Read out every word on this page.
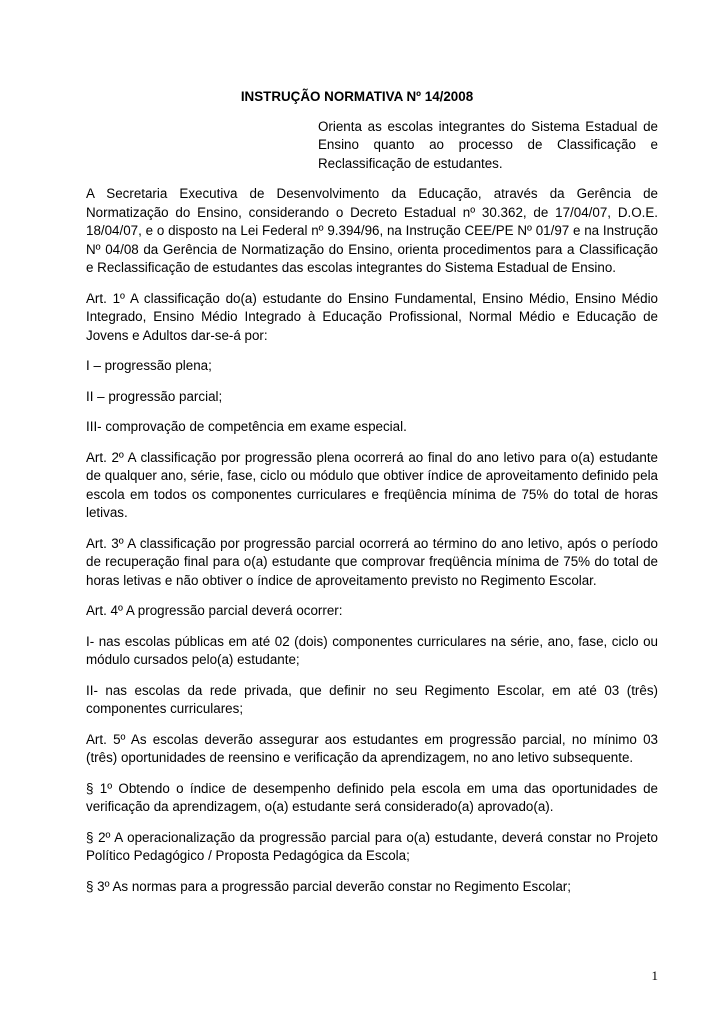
INSTRUÇÃO NORMATIVA Nº 14/2008
Orienta as escolas integrantes do Sistema Estadual de Ensino quanto ao processo de Classificação e Reclassificação de estudantes.

A Secretaria Executiva de Desenvolvimento da Educação, através da Gerência de Normatização do Ensino, considerando o Decreto Estadual nº 30.362, de 17/04/07, D.O.E. 18/04/07, e o disposto na Lei Federal nº 9.394/96, na Instrução CEE/PE Nº 01/97 e na Instrução Nº 04/08 da Gerência de Normatização do Ensino, orienta procedimentos para a Classificação e Reclassificação de estudantes das escolas integrantes do Sistema Estadual de Ensino.

Art. 1º A classificação do(a) estudante do Ensino Fundamental, Ensino Médio, Ensino Médio Integrado, Ensino Médio Integrado à Educação Profissional, Normal Médio e Educação de Jovens e Adultos dar-se-á por:

I – progressão plena;

II – progressão parcial;

III- comprovação de competência em exame especial.

Art. 2º A classificação por progressão plena ocorrerá ao final do ano letivo para o(a) estudante de qualquer ano, série, fase, ciclo ou módulo que obtiver índice de aproveitamento definido pela escola em todos os componentes curriculares e freqüência mínima de 75% do total de horas letivas.

Art. 3º A classificação por progressão parcial ocorrerá ao término do ano letivo, após o período de recuperação final para o(a) estudante que comprovar freqüência mínima de 75% do total de horas letivas e não obtiver o índice de aproveitamento previsto no Regimento Escolar.

Art. 4º A progressão parcial deverá ocorrer:

I- nas escolas públicas em até 02 (dois) componentes curriculares na série, ano, fase, ciclo ou módulo cursados pelo(a) estudante;

II- nas escolas da rede privada, que definir no seu Regimento Escolar, em até 03 (três) componentes curriculares;

Art. 5º As escolas deverão assegurar aos estudantes em progressão parcial, no mínimo 03 (três) oportunidades de reensino e verificação da aprendizagem, no ano letivo subsequente.

§ 1º Obtendo o índice de desempenho definido pela escola em uma das oportunidades de verificação da aprendizagem, o(a) estudante será considerado(a) aprovado(a).

§ 2º A operacionalização da progressão parcial para o(a) estudante, deverá constar no Projeto Político Pedagógico / Proposta Pedagógica da Escola;

§ 3º As normas para a progressão parcial deverão constar no Regimento Escolar;

1
